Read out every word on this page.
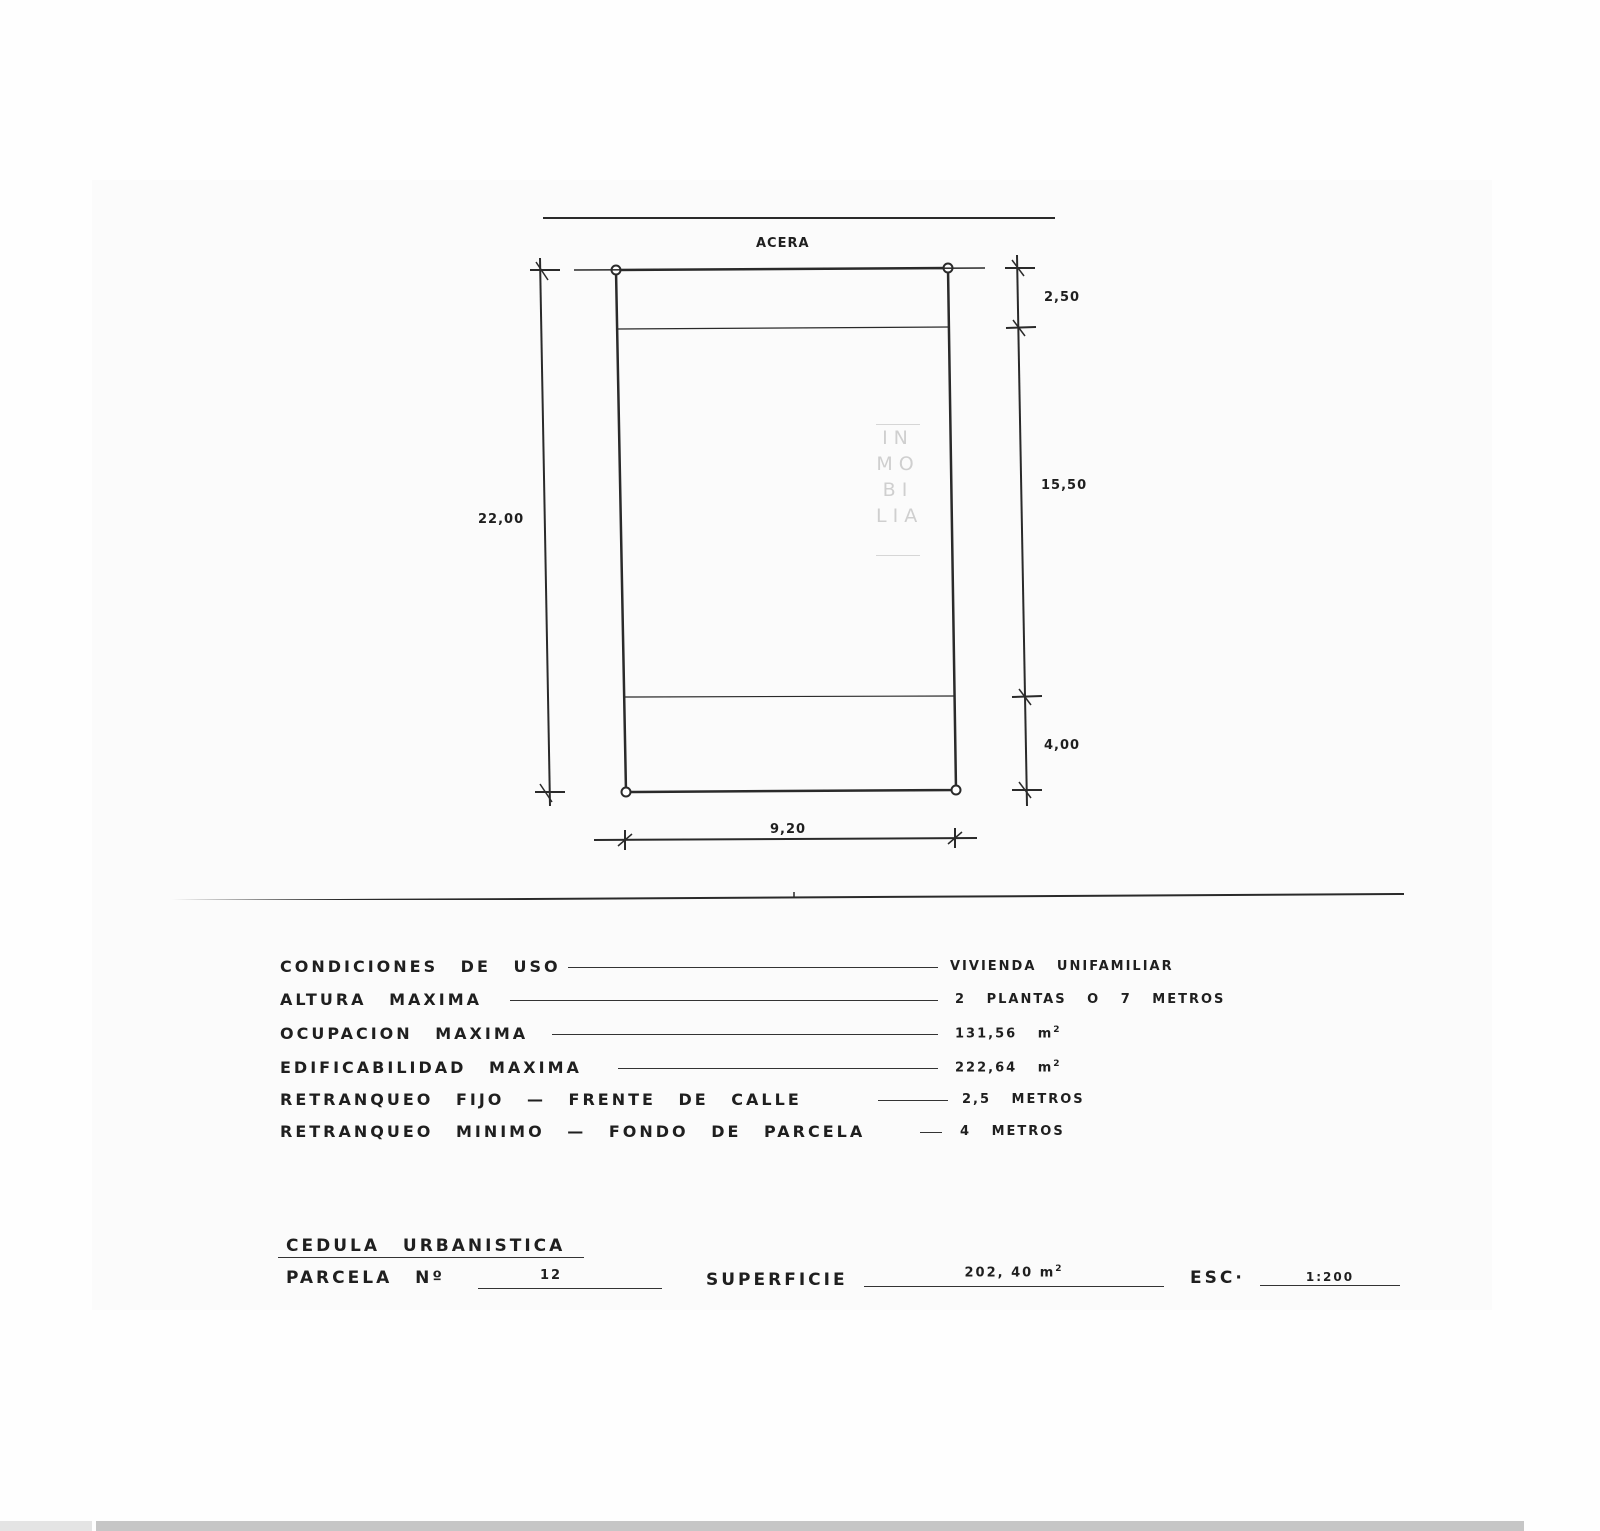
ACERA
22,00
2,50
15,50
4,00
9,20
IN
MO
BI
LIA
CONDICIONES DE USO	VIVIENDA UNIFAMILIAR
ALTURA MAXIMA	2 PLANTAS O 7 METROS
OCUPACION MAXIMA	131,56 $m^2$
EDIFICABILIDAD MAXIMA	222,64 $m^2$
RETRANQUEO FIJO — FRENTE DE CALLE	2,5 METROS
RETRANQUEO MINIMO — FONDO DE PARCELA	4 METROS
CEDULA URBANISTICA
PARCELA Nº	12	SUPERFICIE	202, 40 $m^2$	ESC·	1:200
